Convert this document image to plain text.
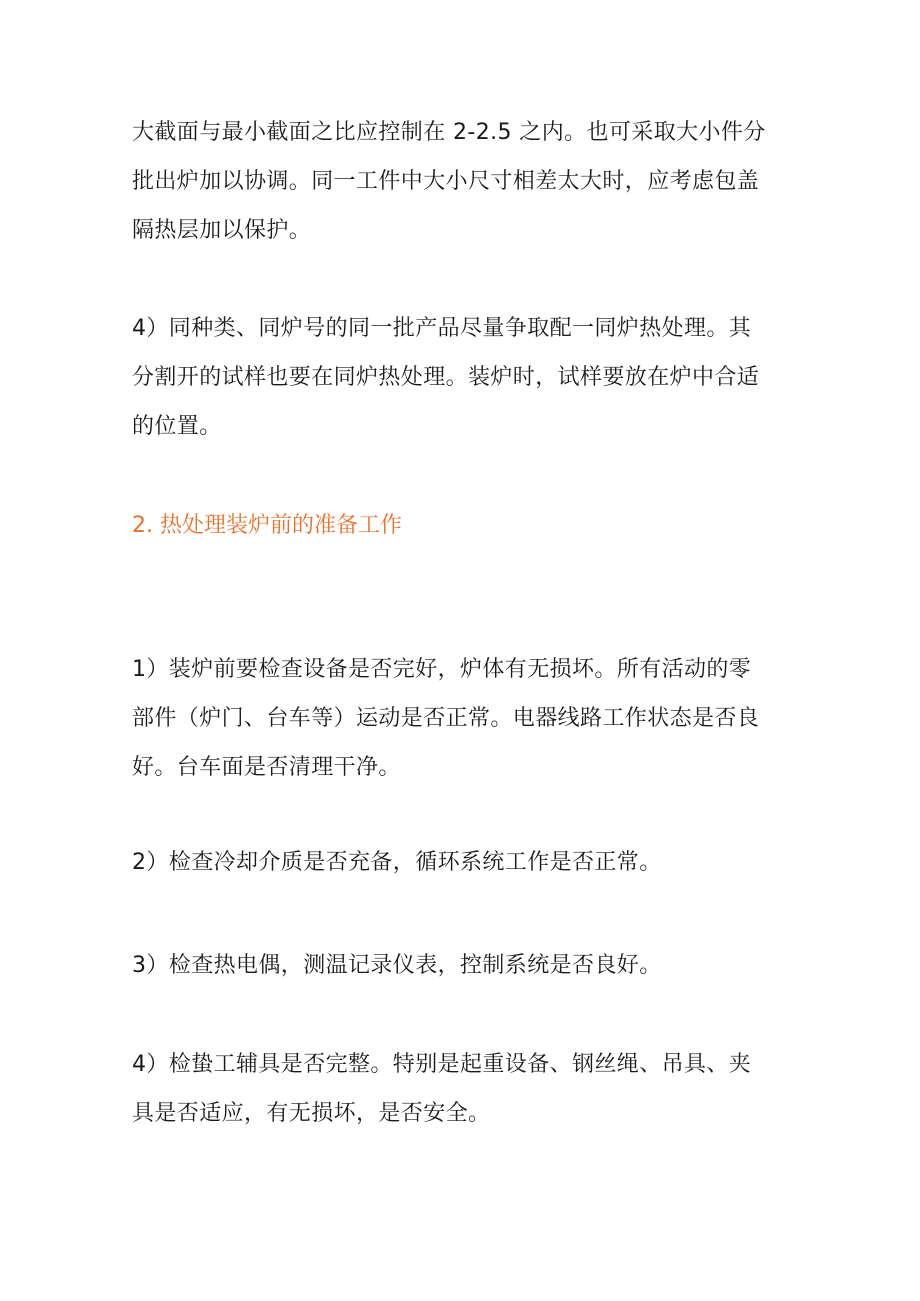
大截面与最小截面之比应控制在 2-2.5 之内。也可采取大小件分
批出炉加以协调。同一工件中大小尺寸相差太大时，应考虑包盖
隔热层加以保护。

4）同种类、同炉号的同一批产品尽量争取配一同炉热处理。其
分割开的试样也要在同炉热处理。装炉时，试样要放在炉中合适
的位置。

2. 热处理装炉前的准备工作

1）装炉前要检查设备是否完好，炉体有无损坏。所有活动的零
部件（炉门、台车等）运动是否正常。电器线路工作状态是否良
好。台车面是否清理干净。

2）检查冷却介质是否充备，循环系统工作是否正常。

3）检查热电偶，测温记录仪表，控制系统是否良好。

4）检蛰工辅具是否完整。特别是起重设备、钢丝绳、吊具、夹
具是否适应，有无损坏，是否安全。
